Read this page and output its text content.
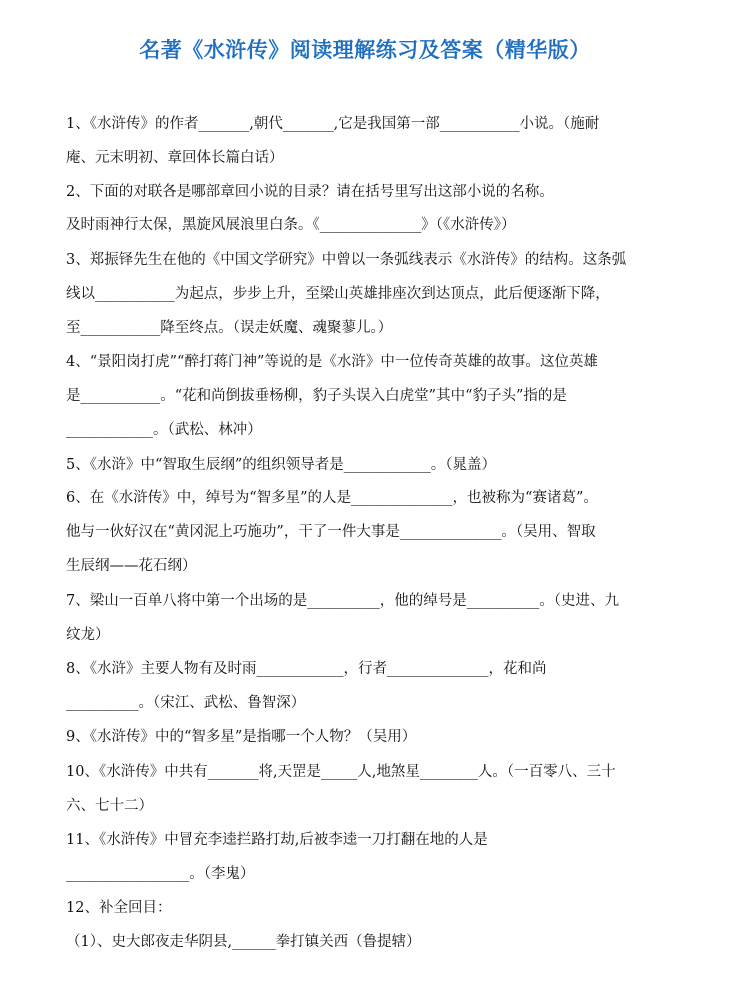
名著《水浒传》阅读理解练习及答案（精华版）
1、《水浒传》的作者_______,朝代_______,它是我国第一部___________小说。（施耐
庵、元末明初、章回体长篇白话）
2、下面的对联各是哪部章回小说的目录？请在括号里写出这部小说的名称。
及时雨神行太保，黑旋风展浪里白条。《______________》（《水浒传》）
3、郑振铎先生在他的《中国文学研究》中曾以一条弧线表示《水浒传》的结构。这条弧
线以___________为起点，步步上升，至梁山英雄排座次到达顶点，此后便逐渐下降，
至___________降至终点。（误走妖魔、魂聚蓼儿。）
4、“景阳岗打虎”“醉打蒋门神”等说的是《水浒》中一位传奇英雄的故事。这位英雄
是___________。“花和尚倒拔垂杨柳，豹子头误入白虎堂”其中“豹子头”指的是
____________。（武松、林冲）
5、《水浒》中“智取生辰纲”的组织领导者是____________。（晁盖）
6、在《水浒传》中，绰号为“智多星”的人是______________，也被称为“赛诸葛”。
他与一伙好汉在“黄冈泥上巧施功”，干了一件大事是______________。（吴用、智取
生辰纲——花石纲）
7、梁山一百单八将中第一个出场的是__________，他的绰号是__________。（史进、九
纹龙）
8、《水浒》主要人物有及时雨____________，行者______________，花和尚
__________。（宋江、武松、鲁智深）
9、《水浒传》中的“智多星”是指哪一个人物？（吴用）
10、《水浒传》中共有_______将,天罡是_____人,地煞星________人。（一百零八、三十
六、七十二）
11、《水浒传》中冒充李逵拦路打劫,后被李逵一刀打翻在地的人是
_________________。（李鬼）
12、补全回目：
（1）、史大郎夜走华阴县,______拳打镇关西（鲁提辖）
